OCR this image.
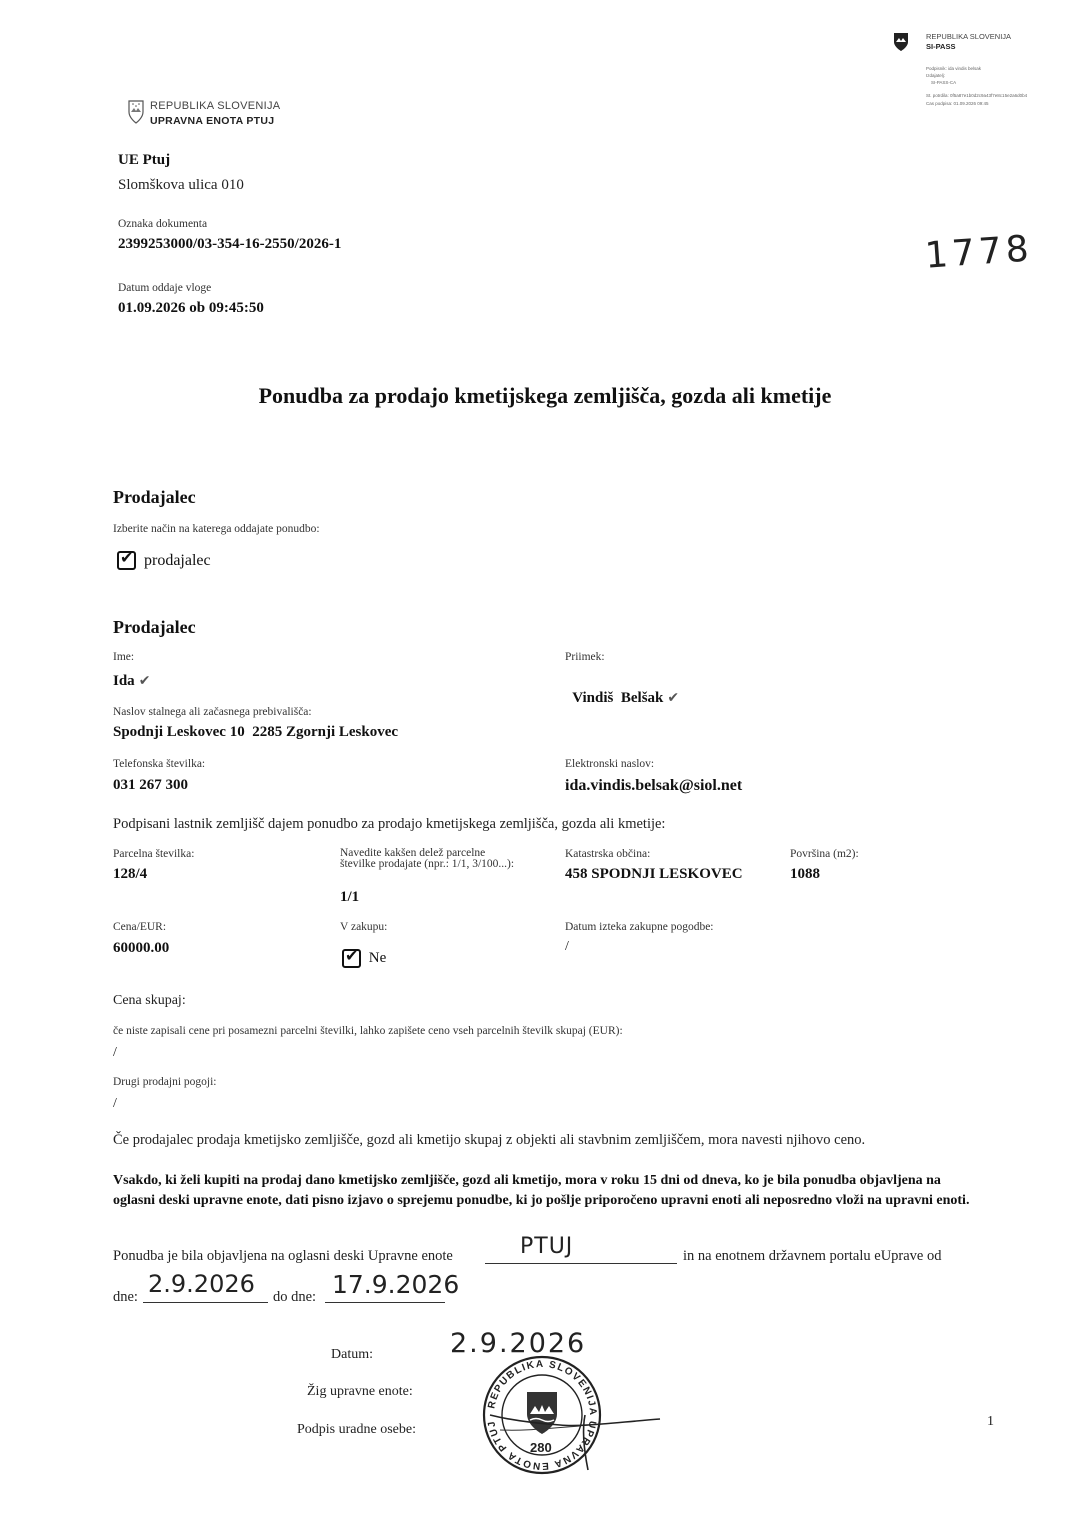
REPUBLIKA SLOVENIJA
SI-PASS
Podpisnik: ida vindis belsak
Izdajatelj:
SI-PASS-CA
St. potrdila: 0f5a87e1b0d2c9a43f7e8c15e2a6d0b4
Cas podpisa: 01.09.2026 09:45
REPUBLIKA SLOVENIJA
UPRAVNA ENOTA PTUJ
UE Ptuj
Slomškova ulica 010
Oznaka dokumenta
2399253000/03-354-16-2550/2026-1
Datum oddaje vloge
01.09.2026 ob 09:45:50
1778
Ponudba za prodajo kmetijskega zemljišča, gozda ali kmetije
Prodajalec
Izberite način na katerega oddajate ponudbo:
✔ prodajalec
Prodajalec
Ime:
Ida ✔
Priimek:

Vindiš  Belšak ✔

Naslov stalnega ali začasnega prebivališča:
Spodnji Leskovec 10  2285 Zgornji Leskovec
Telefonska številka:
031 267 300
Elektronski naslov:
ida.vindis.belsak@siol.net
Podpisani lastnik zemljišč dajem ponudbo za prodajo kmetijskega zemljišča, gozda ali kmetije:
Parcelna številka:
128/4
Navedite kakšen delež parcelne številke prodajate (npr.: 1/1, 3/100...):
1/1
Katastrska občina:
458 SPODNJI LESKOVEC
Površina (m2):
1088
Cena/EUR:
60000.00
V zakupu:
✔ Ne
Datum izteka zakupne pogodbe:
/
Cena skupaj:
če niste zapisali cene pri posamezni parcelni številki, lahko zapišete ceno vseh parcelnih številk skupaj (EUR):
/
Drugi prodajni pogoji:
/
Če prodajalec prodaja kmetijsko zemljišče, gozd ali kmetijo skupaj z objekti ali stavbnim zemljiščem, mora navesti njihovo ceno.
Vsakdo, ki želi kupiti na prodaj dano kmetijsko zemljišče, gozd ali kmetijo, mora v roku 15 dni od dneva, ko je bila ponudba objavljena na oglasni deski upravne enote, dati pisno izjavo o sprejemu ponudbe, ki jo pošlje priporočeno upravni enoti ali neposredno vloži na upravni enoti.
Ponudba je bila objavljena na oglasni deski Upravne enote	PTUJ	in na enotnem državnem portalu eUprave od
dne: 2.9.2026 do dne: 17.9.2026
Datum:	2.9.2026
Žig upravne enote:
Podpis uradne osebe:
REPUBLIKA SLOVENIJA UPRAVNA ENOTA PTUJ
280
1
